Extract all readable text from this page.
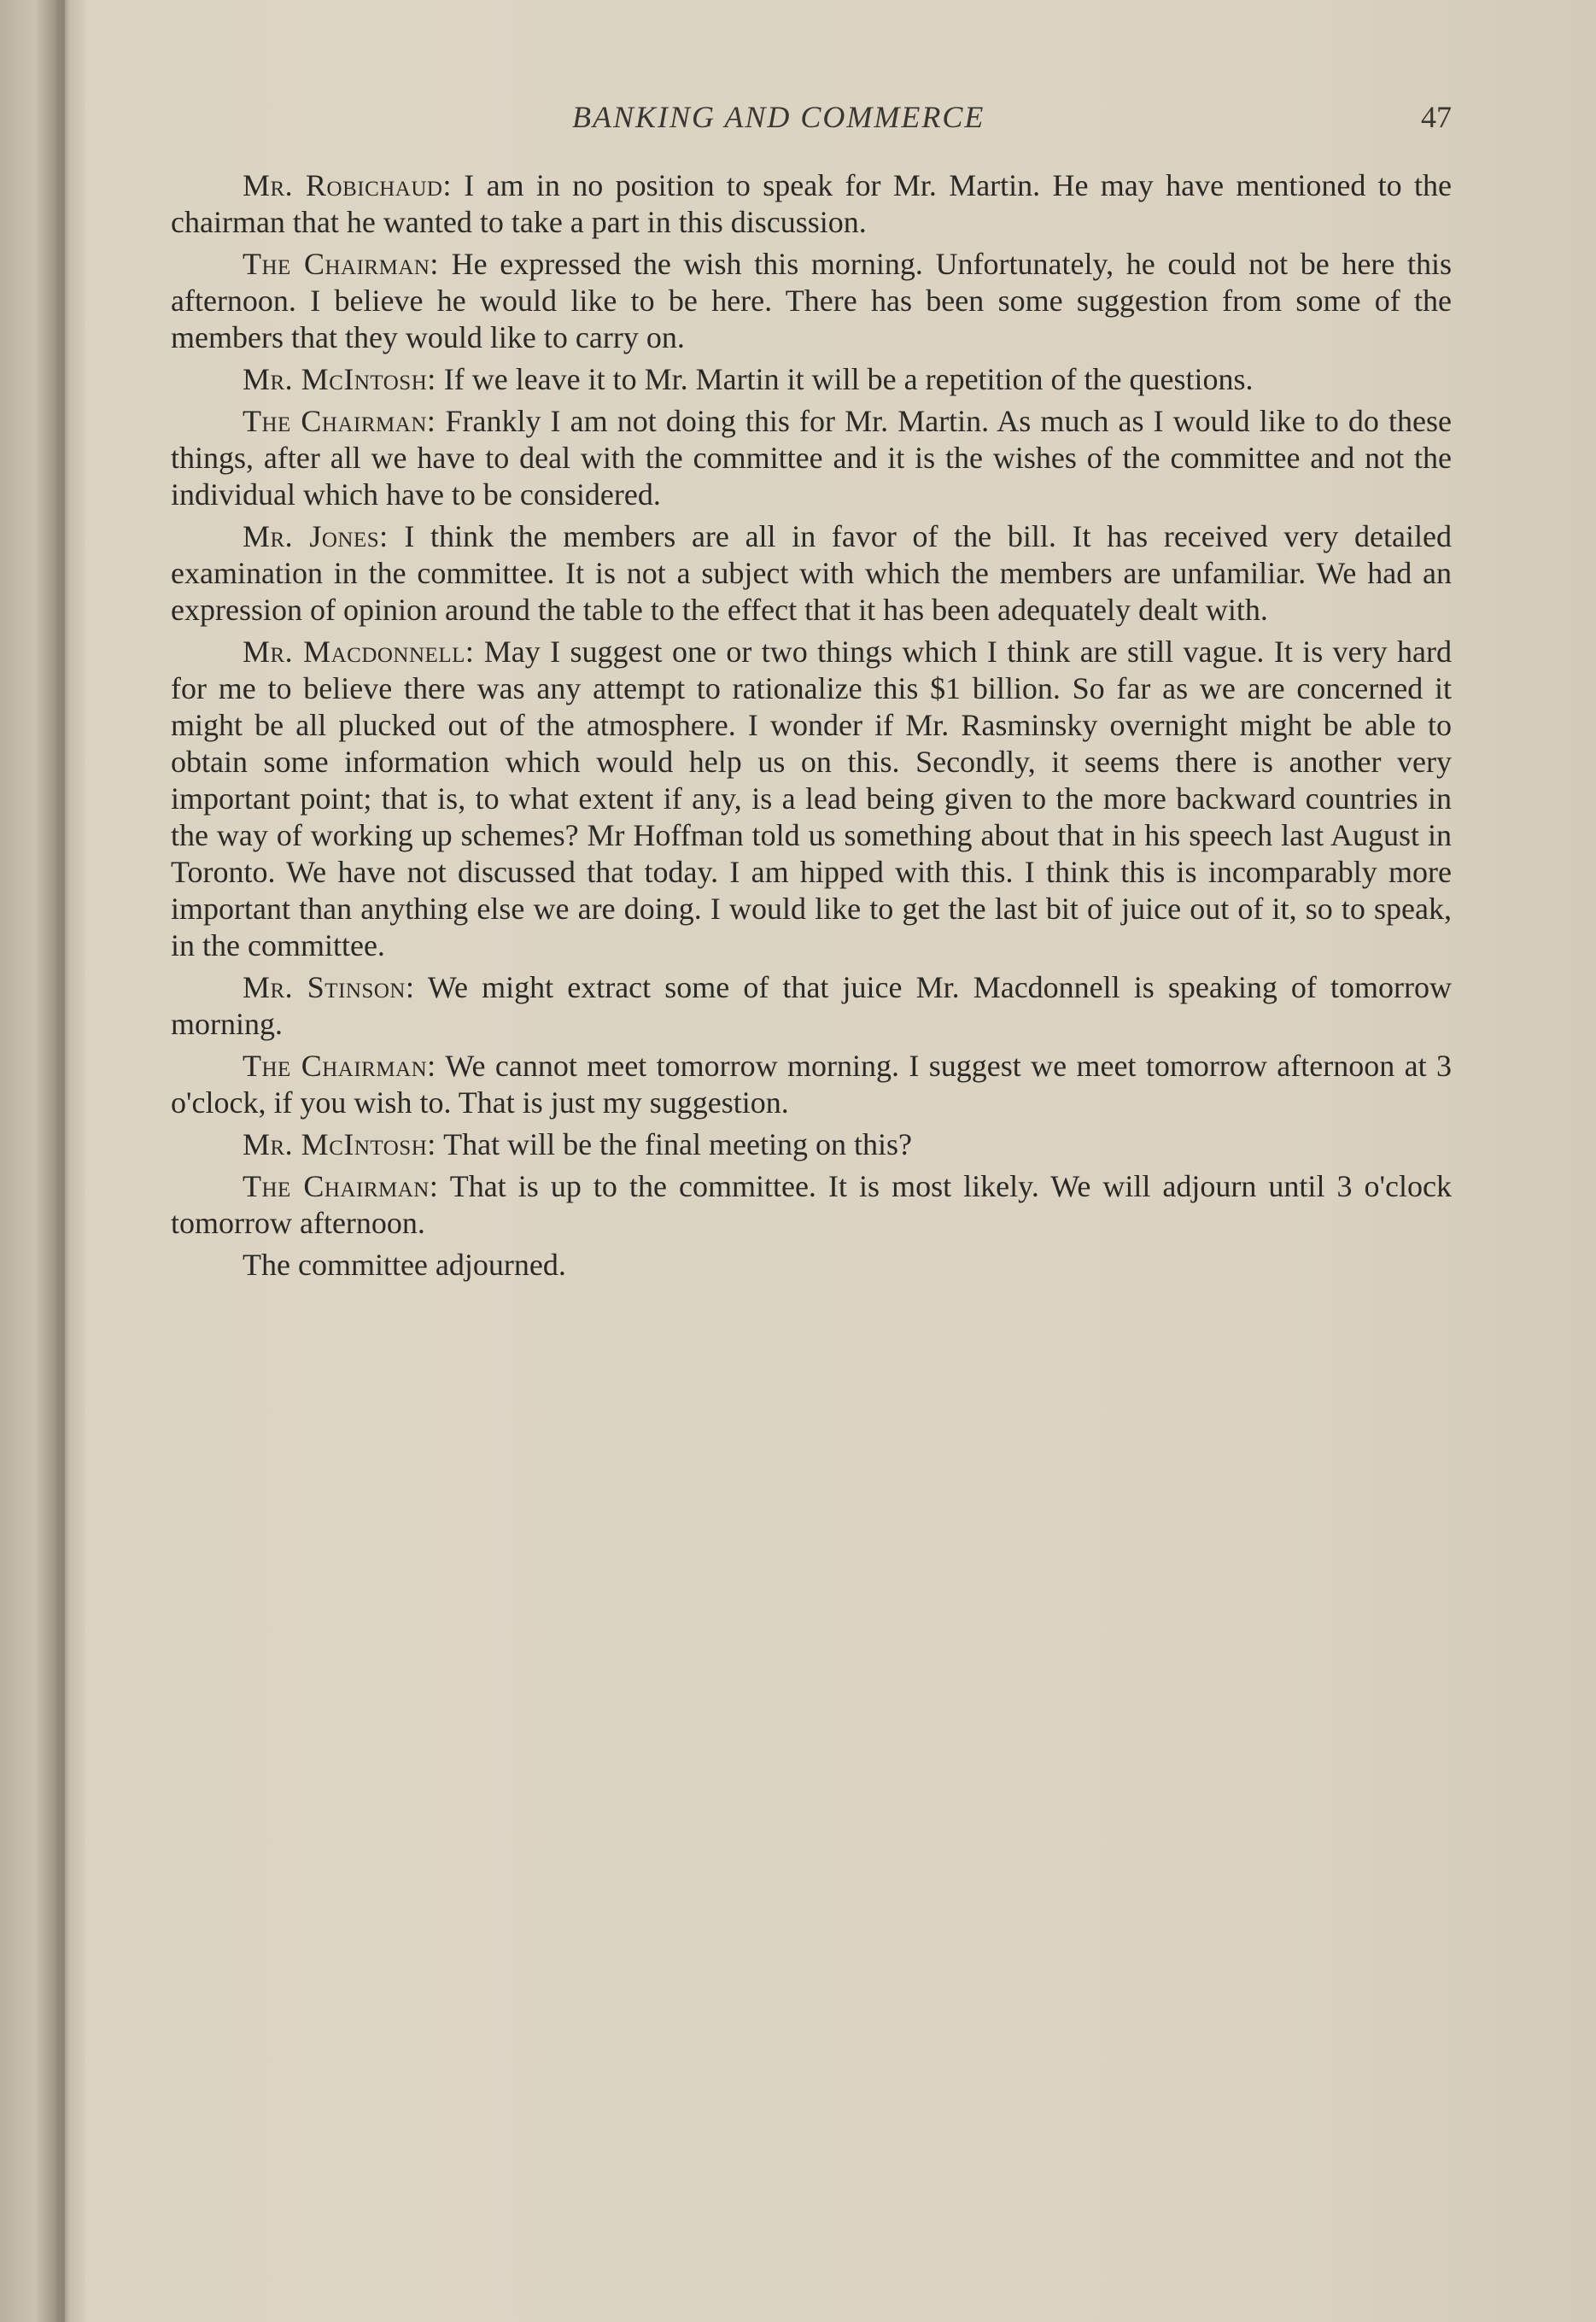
BANKING AND COMMERCE	47

Mr. Robichaud: I am in no position to speak for Mr. Martin. He may have mentioned to the chairman that he wanted to take a part in this discussion.

The Chairman: He expressed the wish this morning. Unfortunately, he could not be here this afternoon. I believe he would like to be here. There has been some suggestion from some of the members that they would like to carry on.

Mr. McIntosh: If we leave it to Mr. Martin it will be a repetition of the questions.

The Chairman: Frankly I am not doing this for Mr. Martin. As much as I would like to do these things, after all we have to deal with the committee and it is the wishes of the committee and not the individual which have to be considered.

Mr. Jones: I think the members are all in favor of the bill. It has received very detailed examination in the committee. It is not a subject with which the members are unfamiliar. We had an expression of opinion around the table to the effect that it has been adequately dealt with.

Mr. Macdonnell: May I suggest one or two things which I think are still vague. It is very hard for me to believe there was any attempt to rationalize this $1 billion. So far as we are concerned it might be all plucked out of the atmosphere. I wonder if Mr. Rasminsky overnight might be able to obtain some information which would help us on this. Secondly, it seems there is another very important point; that is, to what extent if any, is a lead being given to the more backward countries in the way of working up schemes? Mr Hoffman told us something about that in his speech last August in Toronto. We have not discussed that today. I am hipped with this. I think this is incomparably more important than anything else we are doing. I would like to get the last bit of juice out of it, so to speak, in the committee.

Mr. Stinson: We might extract some of that juice Mr. Macdonnell is speaking of tomorrow morning.

The Chairman: We cannot meet tomorrow morning. I suggest we meet tomorrow afternoon at 3 o'clock, if you wish to. That is just my suggestion.

Mr. McIntosh: That will be the final meeting on this?

The Chairman: That is up to the committee. It is most likely. We will adjourn until 3 o'clock tomorrow afternoon.

The committee adjourned.
